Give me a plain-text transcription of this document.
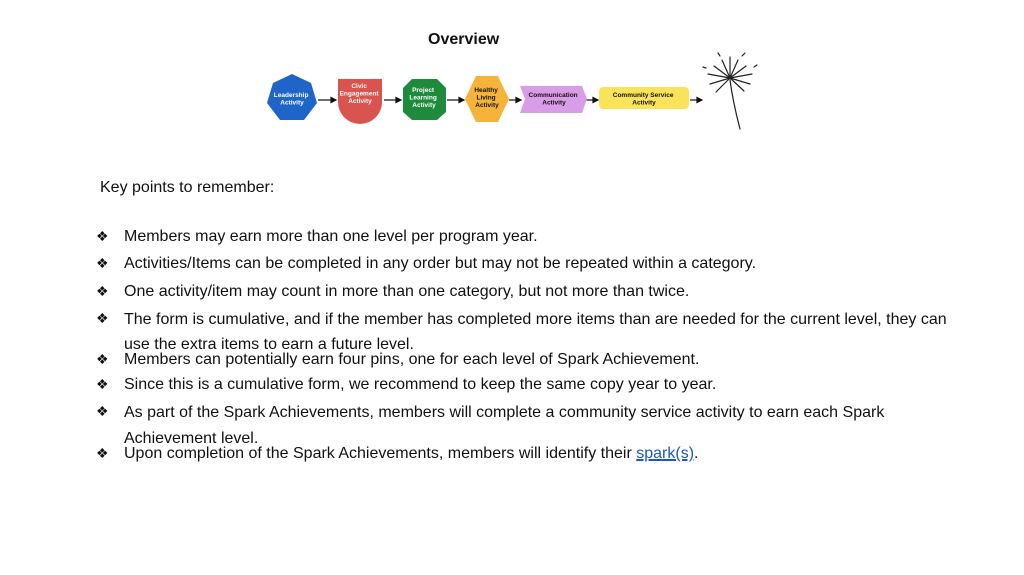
Overview
Leadership Activity
Civic Engagement Activity
Project Learning Activity
Healthy Living Activity
Communication Activity
Community Service Activity
Key points to remember:
❖ Members may earn more than one level per program year.
❖ Activities/Items can be completed in any order but may not be repeated within a category.
❖ One activity/item may count in more than one category, but not more than twice.
❖ The form is cumulative, and if the member has completed more items than are needed for the current level, they can use the extra items to earn a future level.
❖ Members can potentially earn four pins, one for each level of Spark Achievement.
❖ Since this is a cumulative form, we recommend to keep the same copy year to year.
❖ As part of the Spark Achievements, members will complete a community service activity to earn each Spark Achievement level.
❖ Upon completion of the Spark Achievements, members will identify their spark(s).
